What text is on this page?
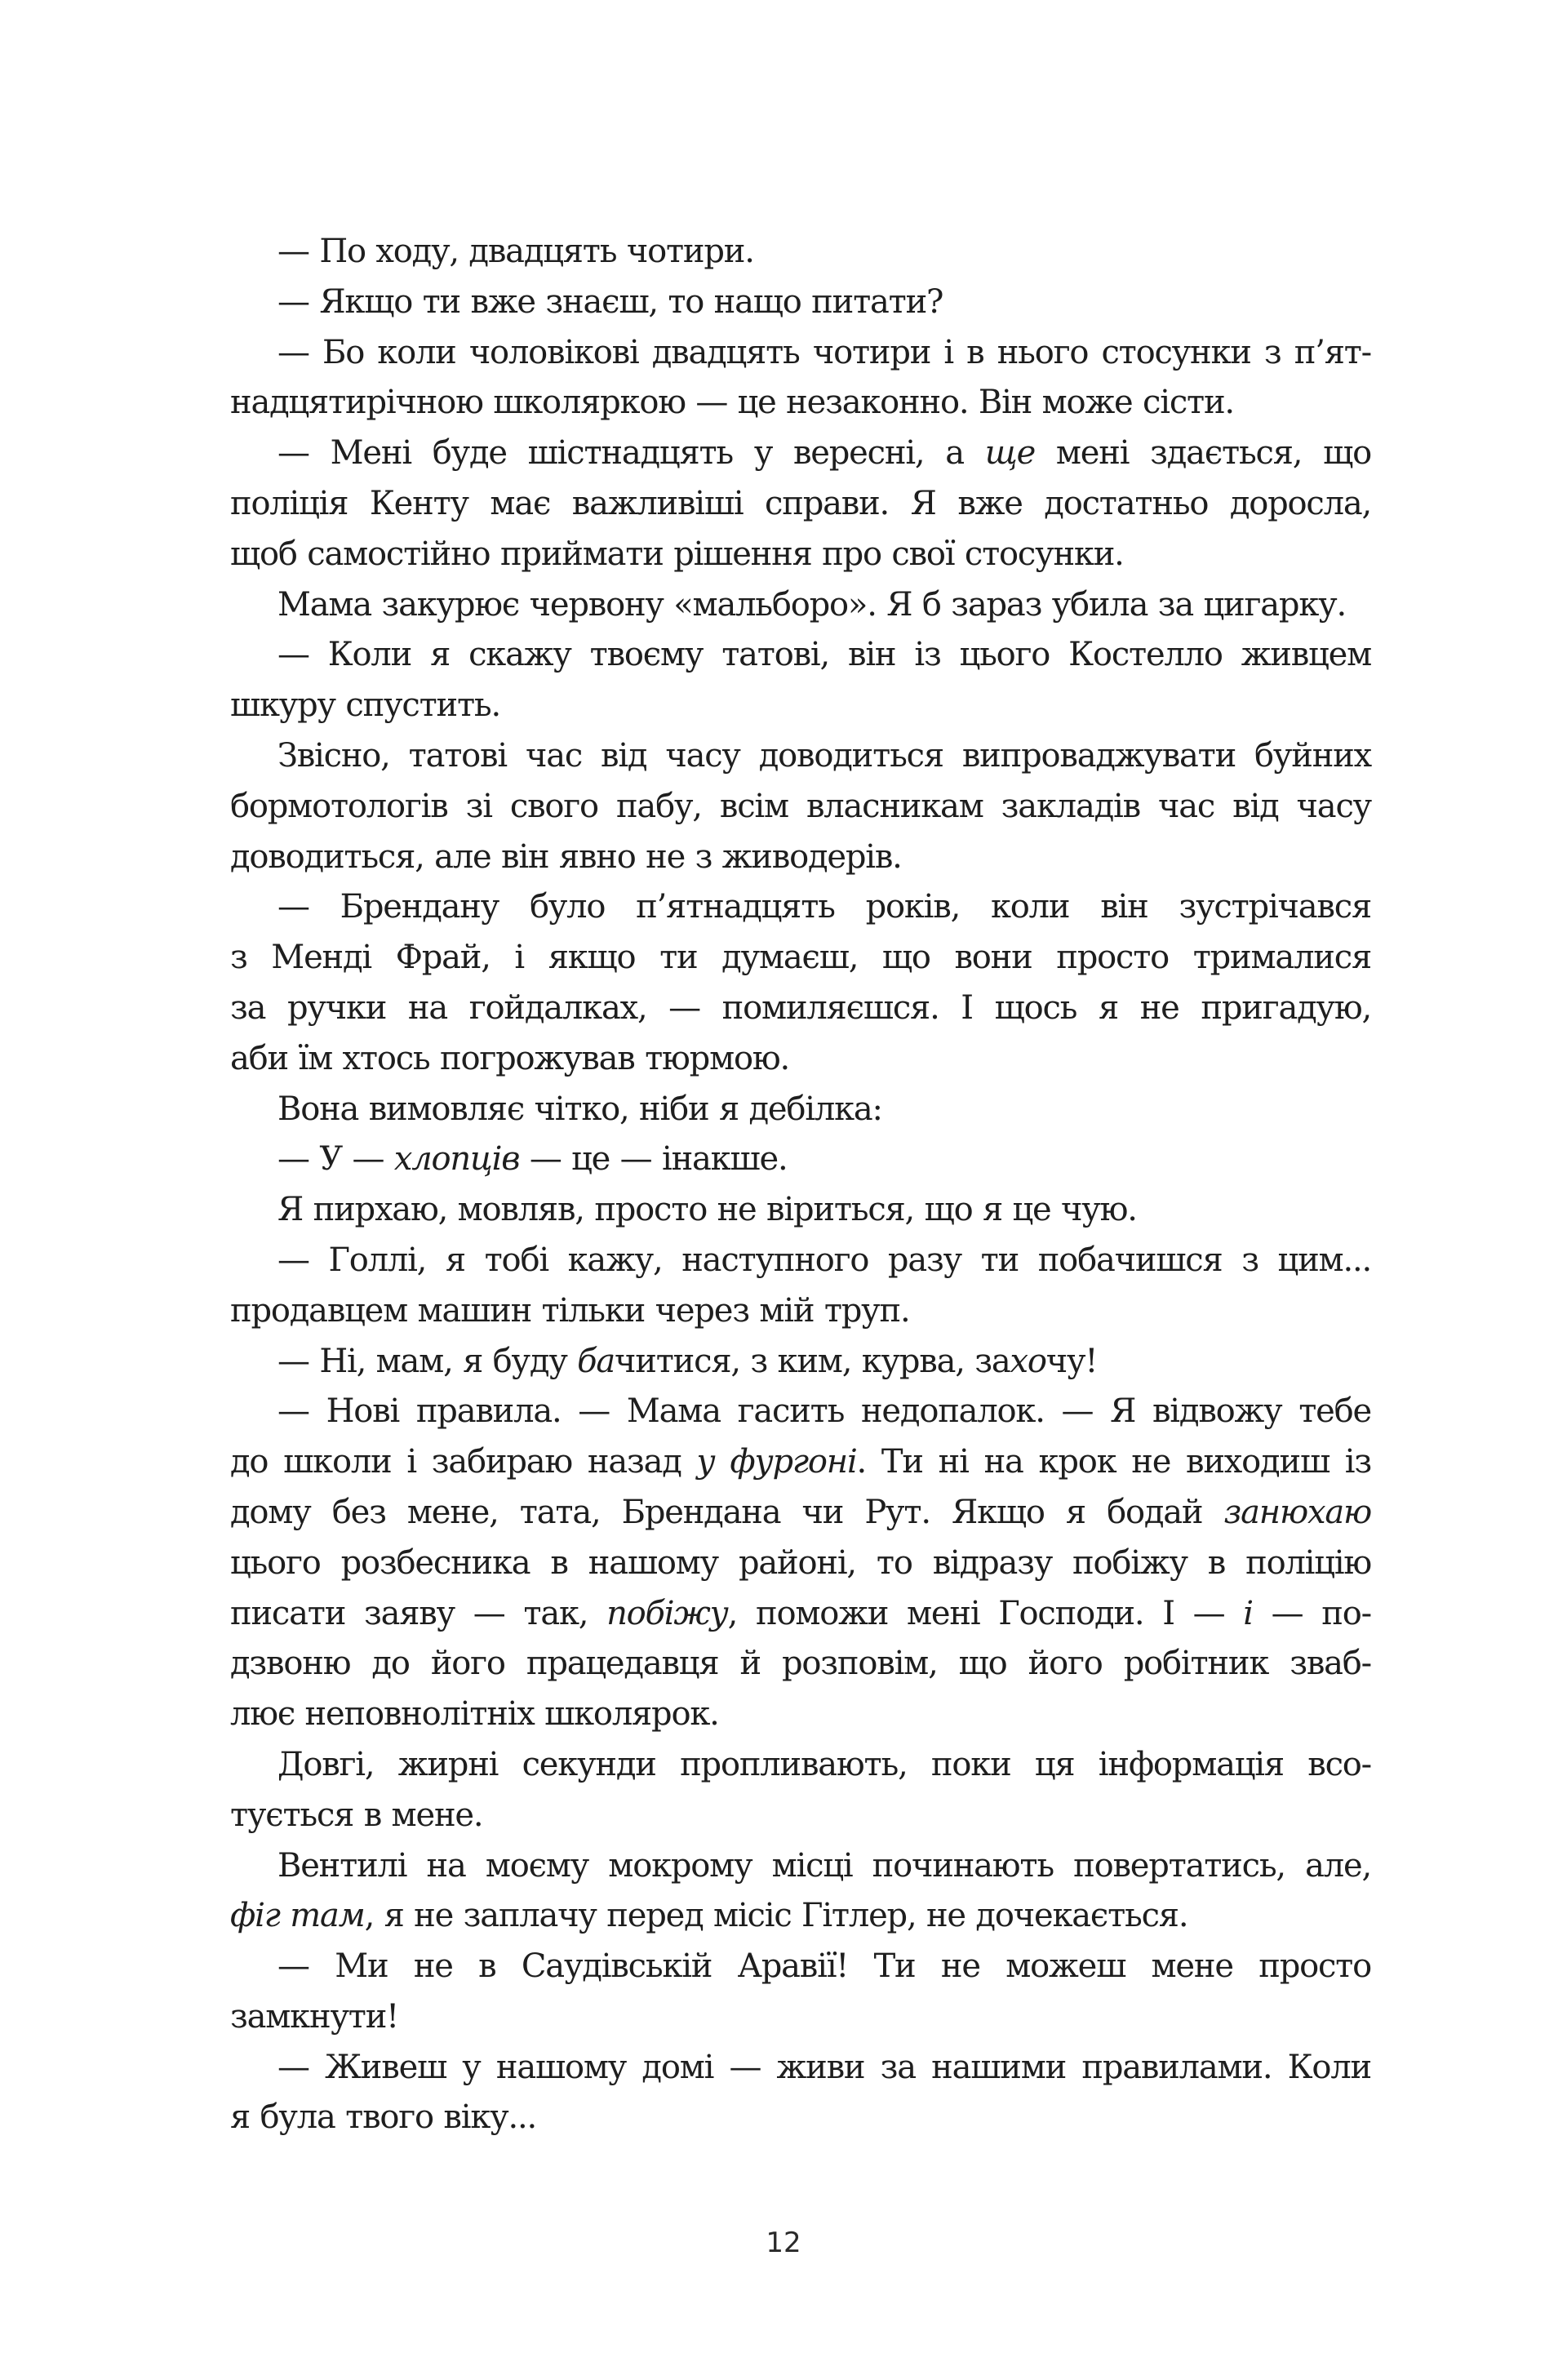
— По ходу, двадцять чотири.
— Якщо ти вже знаєш, то нащо питати?
— Бо коли чоловікові двадцять чотири і в нього стосунки з п’ят-
надцятирічною школяркою — це незаконно. Він може сісти.
— Мені буде шістнадцять у вересні, а ще мені здається, що
поліція Кенту має важливіші справи. Я вже достатньо доросла,
щоб самостійно приймати рішення про свої стосунки.
Мама закурює червону «мальборо». Я б зараз убила за цигарку.
— Коли я скажу твоєму татові, він із цього Костелло живцем
шкуру спустить.
Звісно, татові час від часу доводиться випроваджувати буйних
бормотологів зі свого пабу, всім власникам закладів час від часу
доводиться, але він явно не з живодерів.
— Брендану було п’ятнадцять років, коли він зустрічався
з Менді Фрай, і якщо ти думаєш, що вони просто трималися
за ручки на гойдалках, — помиляєшся. І щось я не пригадую,
аби їм хтось погрожував тюрмою.
Вона вимовляє чітко, ніби я дебілка:
— У — хлопців — це — інакше.
Я пирхаю, мовляв, просто не віриться, що я це чую.
— Голлі, я тобі кажу, наступного разу ти побачишся з цим...
продавцем машин тільки через мій труп.
— Ні, мам, я буду бачитися, з ким, курва, захочу!
— Нові правила. — Мама гасить недопалок. — Я відвожу тебе
до школи і забираю назад у фургоні. Ти ні на крок не виходиш із
дому без мене, тата, Брендана чи Рут. Якщо я бодай занюхаю
цього розбесника в нашому районі, то відразу побіжу в поліцію
писати заяву — так, побіжу, поможи мені Господи. І — і — по-
дзвоню до його працедавця й розповім, що його робітник зваб-
лює неповнолітніх школярок.
Довгі, жирні секунди пропливають, поки ця інформація всо-
тується в мене.
Вентилі на моєму мокрому місці починають повертатись, але,
фіг там, я не заплачу перед місіс Гітлер, не дочекається.
— Ми не в Саудівській Аравії! Ти не можеш мене просто
замкнути!
— Живеш у нашому домі — живи за нашими правилами. Коли
я була твого віку...
12
